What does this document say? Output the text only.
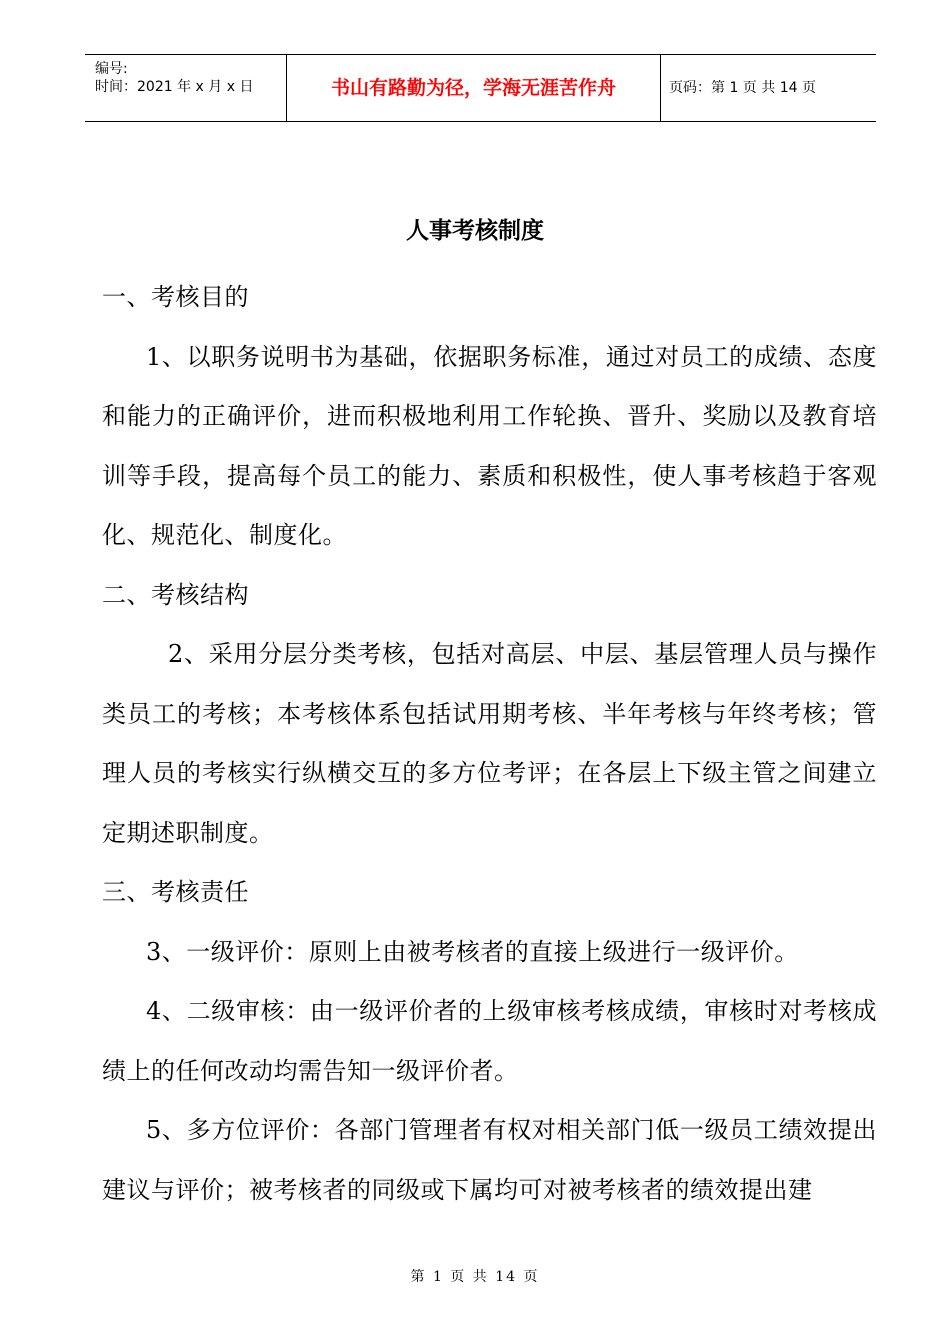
编号:
时间：2021 年 x 月 x 日	书山有路勤为径，学海无涯苦作舟	页码：第 1 页 共 14 页
人事考核制度

一、考核目的

1、以职务说明书为基础，依据职务标准，通过对员工的成绩、态度和能力的正确评价，进而积极地利用工作轮换、晋升、奖励以及教育培训等手段，提高每个员工的能力、素质和积极性，使人事考核趋于客观化、规范化、制度化。

二、考核结构

2、采用分层分类考核，包括对高层、中层、基层管理人员与操作类员工的考核；本考核体系包括试用期考核、半年考核与年终考核；管理人员的考核实行纵横交互的多方位考评；在各层上下级主管之间建立定期述职制度。

三、考核责任

3、一级评价：原则上由被考核者的直接上级进行一级评价。

4、二级审核：由一级评价者的上级审核考核成绩，审核时对考核成绩上的任何改动均需告知一级评价者。

5、多方位评价：各部门管理者有权对相关部门低一级员工绩效提出建议与评价；被考核者的同级或下属均可对被考核者的绩效提出建

第 1 页 共 14 页
